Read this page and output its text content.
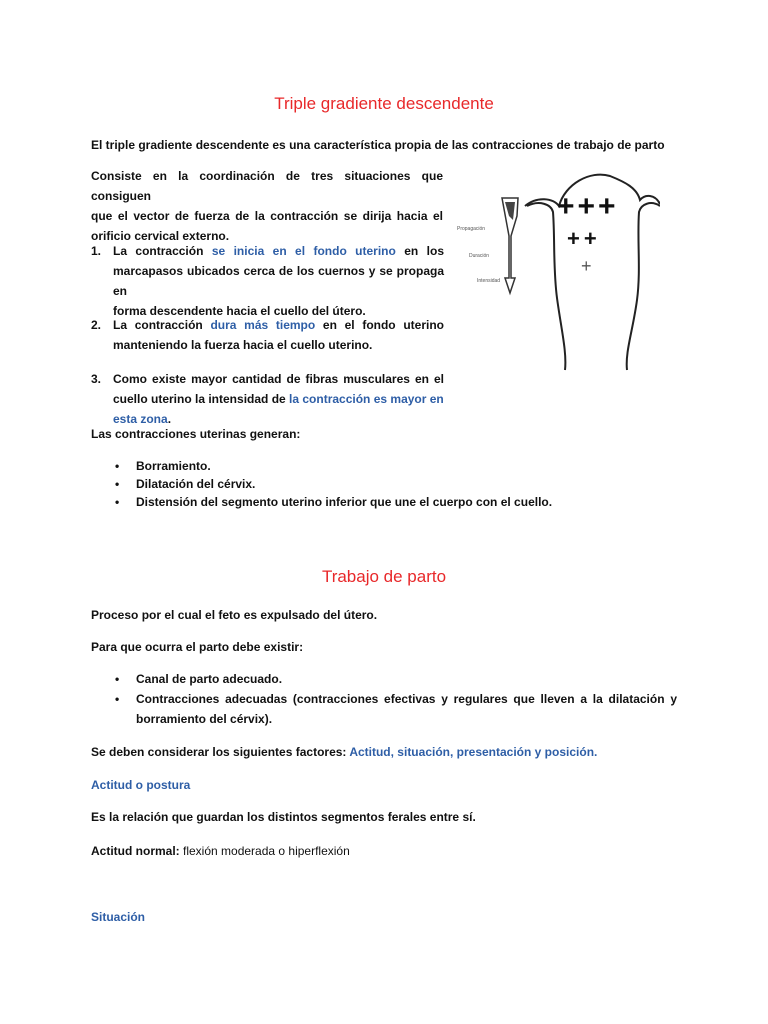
Triple gradiente descendente

El triple gradiente descendente es una característica propia de las contracciones de trabajo de parto

Consiste en la coordinación de tres situaciones que consiguen
que el vector de fuerza de la contracción se dirija hacia el
orificio cervical externo.
1. La contracción se inicia en el fondo uterino en los
marcapasos ubicados cerca de los cuernos y se propaga en
forma descendente hacia el cuello del útero.
2. La contracción dura más tiempo en el fondo uterino
manteniendo la fuerza hacia el cuello uterino.
3. Como existe mayor cantidad de fibras musculares en el
cuello uterino la intensidad de la contracción es mayor en esta zona.

Las contracciones uterinas generan:

• Borramiento.

• Dilatación del cérvix.

• Distensión del segmento uterino inferior que une el cuerpo con el cuello.

Propagación
Duración
Intensidad
+++
++
+
Trabajo de parto

Proceso por el cual el feto es expulsado del útero.

Para que ocurra el parto debe existir:

• Canal de parto adecuado.

• Contracciones adecuadas (contracciones efectivas y regulares que lleven a la dilatación y
borramiento del cérvix).

Se deben considerar los siguientes factores: Actitud, situación, presentación y posición.

Actitud o postura

Es la relación que guardan los distintos segmentos ferales entre sí.

Actitud normal: flexión moderada o hiperflexión

Situación
